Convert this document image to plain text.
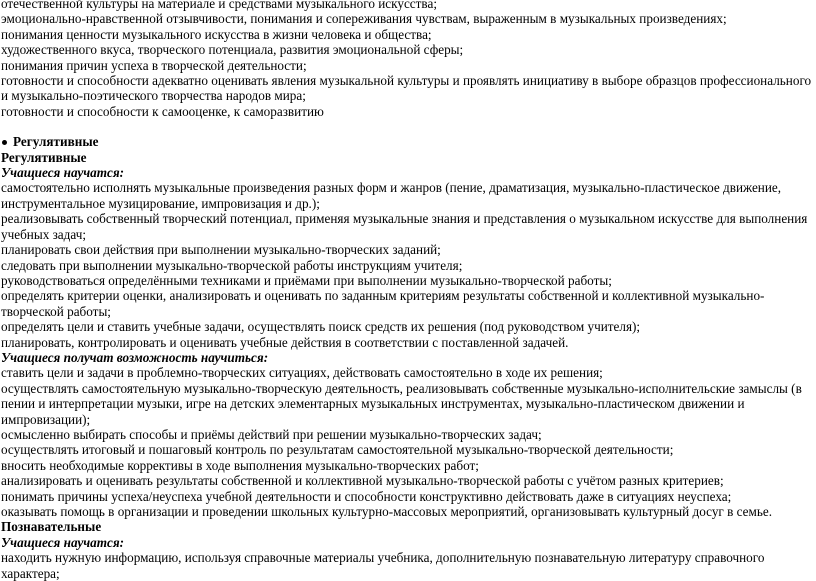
отечественной культуры на материале и средствами музыкального искусства;

эмоционально-нравственной отзывчивости, понимания и сопереживания чувствам, выраженным в музыкальных произведениях;

понимания ценности музыкального искусства в жизни человека и общества;

художественного вкуса, творческого потенциала, развития эмоциональной сферы;

понимания причин успеха в творческой деятельности;

готовности и способности адекватно оценивать явления музыкальной культуры и проявлять инициативу в выборе образцов профессионального и музыкально-поэтического творчества народов мира;

готовности и способности к самооценке, к саморазвитию

Регулятивные

Регулятивные

Учащиеся научатся:

самостоятельно исполнять музыкальные произведения разных форм и жанров (пение, драматизация, музыкально-пластическое движение, инструментальное музицирование, импровизация и др.);

реализовывать собственный творческий потенциал, применяя музыкальные знания и представления о музыкальном искусстве для выполнения учебных задач;

планировать свои действия при выполнении музыкально-творческих заданий;

следовать при выполнении музыкально-творческой работы инструкциям учителя;

руководствоваться определёнными техниками и приёмами при выполнении музыкально-творческой работы;

определять критерии оценки, анализировать и оценивать по заданным критериям результаты собственной и коллективной музыкально-творческой работы;

определять цели и ставить учебные задачи, осуществлять поиск средств их решения (под руководством учителя);

планировать, контролировать и оценивать учебные действия в соответствии с поставленной задачей.

Учащиеся получат возможность научиться:

ставить цели и задачи в проблемно-творческих ситуациях, действовать самостоятельно в ходе их решения;

осуществлять самостоятельную музыкально-творческую деятельность, реализовывать собственные музыкально-исполнительские замыслы (в пении и интерпретации музыки, игре на детских элементарных музыкальных инструментах, музыкально-пластическом движении и импровизации);

осмысленно выбирать способы и приёмы действий при решении музыкально-творческих задач;

осуществлять итоговый и пошаговый контроль по результатам самостоятельной музыкально-творческой деятельности;

вносить необходимые коррективы в ходе выполнения музыкально-творческих работ;

анализировать и оценивать результаты собственной и коллективной музыкально-творческой работы с учётом разных критериев;

понимать причины успеха/неуспеха учебной деятельности и способности конструктивно действовать даже в ситуациях неуспеха;

оказывать помощь в организации и проведении школьных культурно-массовых мероприятий, организовывать культурный досуг в семье.

Познавательные

Учащиеся научатся:

находить нужную информацию, используя справочные материалы учебника, дополнительную познавательную литературу справочного характера;
